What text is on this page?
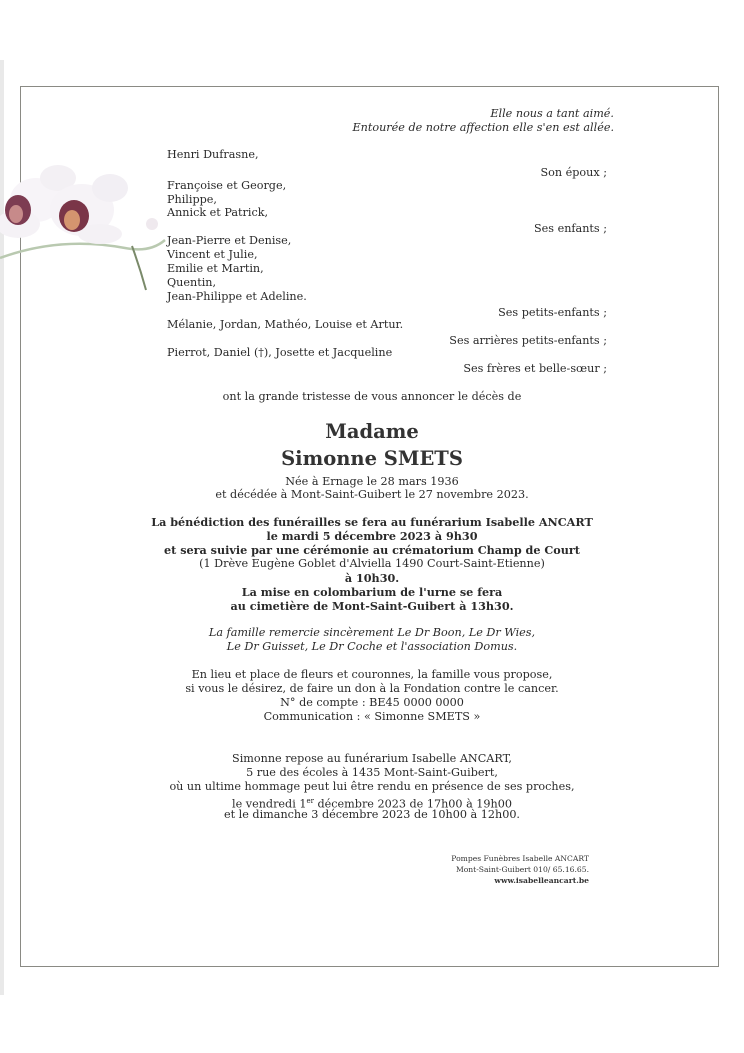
Elle nous a tant aimé.
Entourée de notre affection elle s'en est allée.
Henri Dufrasne,
Son époux ;
Françoise et George,
Philippe,
Annick et Patrick,
Ses enfants ;
Jean-Pierre et Denise,
Vincent et Julie,
Emilie et Martin,
Quentin,
Jean-Philippe et Adeline.
Ses petits-enfants ;
Mélanie, Jordan, Mathéo, Louise et Artur.
Ses arrières petits-enfants ;
Pierrot, Daniel (†), Josette et Jacqueline
Ses frères et belle-sœur ;
ont la grande tristesse de vous annoncer le décès de
Madame
Simonne SMETS
Née à Ernage le 28 mars 1936
et décédée à Mont-Saint-Guibert le 27 novembre 2023.
La bénédiction des funérailles se fera au funérarium Isabelle ANCART
le mardi 5 décembre 2023 à 9h30
et sera suivie par une cérémonie au crématorium Champ de Court
(1 Drève Eugène Goblet d'Alviella 1490 Court-Saint-Etienne)
à 10h30.
La mise en colombarium de l'urne se fera
au cimetière de Mont-Saint-Guibert à 13h30.
La famille remercie sincèrement Le Dr Boon, Le Dr Wies,
Le Dr Guisset, Le Dr Coche et l'association Domus.
En lieu et place de fleurs et couronnes, la famille vous propose,
si vous le désirez, de faire un don à la Fondation contre le cancer.
N° de compte : BE45 0000 0000
Communication : « Simonne SMETS »
Simonne repose au funérarium Isabelle ANCART,
5 rue des écoles à 1435 Mont-Saint-Guibert,
où un ultime hommage peut lui être rendu en présence de ses proches,
le vendredi 1er décembre 2023 de 17h00 à 19h00
et le dimanche 3 décembre 2023 de 10h00 à 12h00.
Pompes Funèbres Isabelle ANCART
Mont-Saint-Guibert 010/ 65.16.65.
www.isabelleancart.be
